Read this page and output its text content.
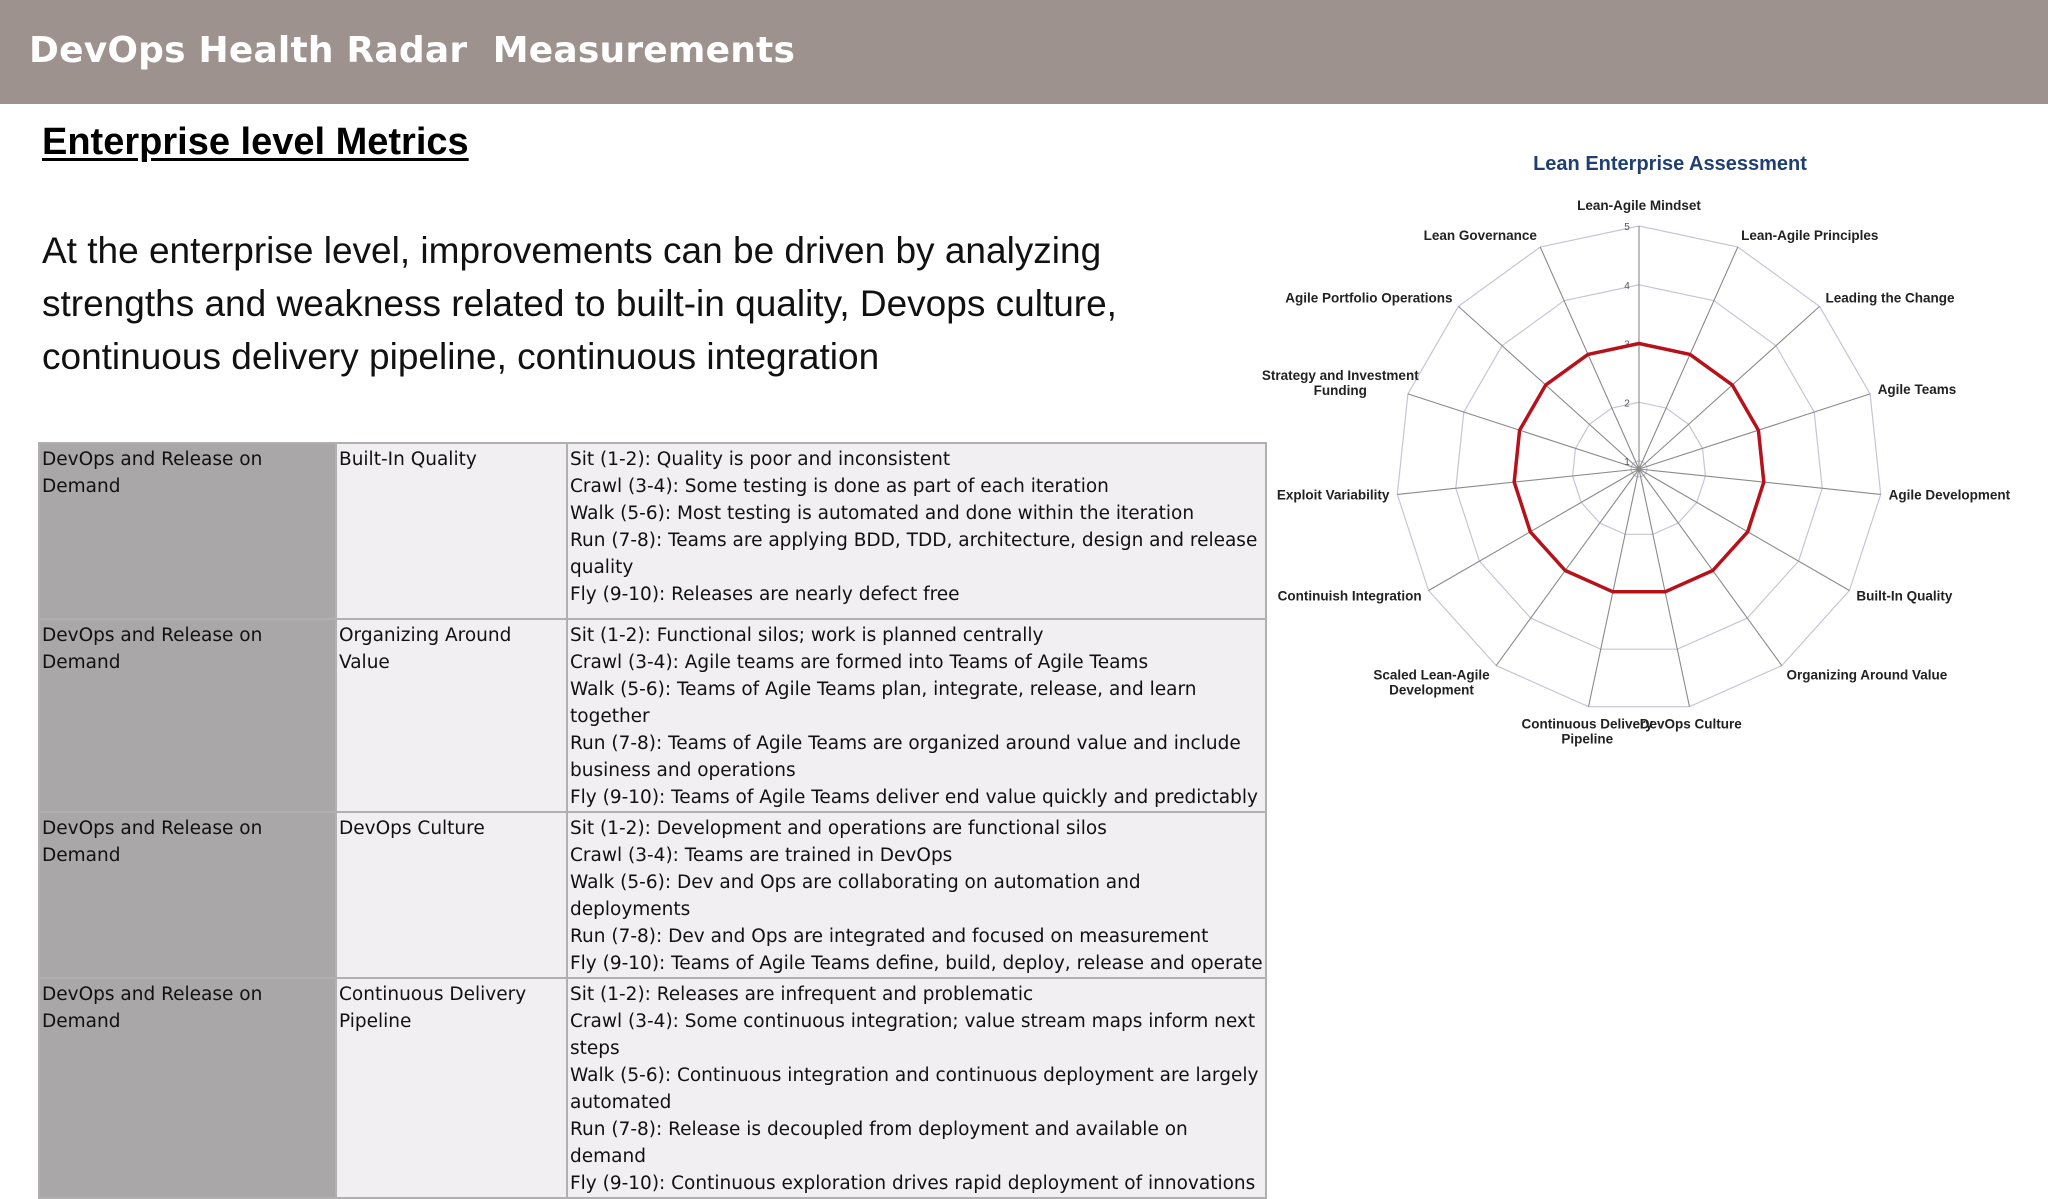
DevOps Health Radar  Measurements
Enterprise level Metrics
At the enterprise level, improvements can be driven by analyzing strengths and weakness related to built-in quality, Devops culture, continuous delivery pipeline, continuous integration
DevOps and Release on Demand	Built-In Quality	Sit (1-2): Quality is poor and inconsistent
Crawl (3-4): Some testing is done as part of each iteration
Walk (5-6): Most testing is automated and done within the iteration
Run (7-8): Teams are applying BDD, TDD, architecture, design and release quality
Fly (9-10): Releases are nearly defect free

DevOps and Release on Demand	Organizing Around Value	Sit (1-2): Functional silos; work is planned centrally
Crawl (3-4): Agile teams are formed into Teams of Agile Teams
Walk (5-6): Teams of Agile Teams plan, integrate, release, and learn together
Run (7-8): Teams of Agile Teams are organized around value and include business and operations
Fly (9-10): Teams of Agile Teams deliver end value quickly and predictably

DevOps and Release on Demand	DevOps Culture	Sit (1-2): Development and operations are functional silos
Crawl (3-4): Teams are trained in DevOps
Walk (5-6): Dev and Ops are collaborating on automation and deployments
Run (7-8): Dev and Ops are integrated and focused on measurement
Fly (9-10): Teams of Agile Teams define, build, deploy, release and operate

DevOps and Release on Demand	Continuous Delivery Pipeline	Sit (1-2): Releases are infrequent and problematic
Crawl (3-4): Some continuous integration; value stream maps inform next steps
Walk (5-6): Continuous integration and continuous deployment are largely automated
Run (7-8): Release is decoupled from deployment and available on demand
Fly (9-10): Continuous exploration drives rapid deployment of innovations
Lean Enterprise Assessment
1
2
3
4
5
Lean-Agile Mindset
Lean-Agile Principles
Leading the Change
Agile Teams
Agile Development
Built-In Quality
Organizing Around Value
DevOps Culture
Continuous Delivery Pipeline
Scaled Lean-Agile Development
Continuish Integration
Exploit Variability
Strategy and Investment Funding
Agile Portfolio Operations
Lean Governance
